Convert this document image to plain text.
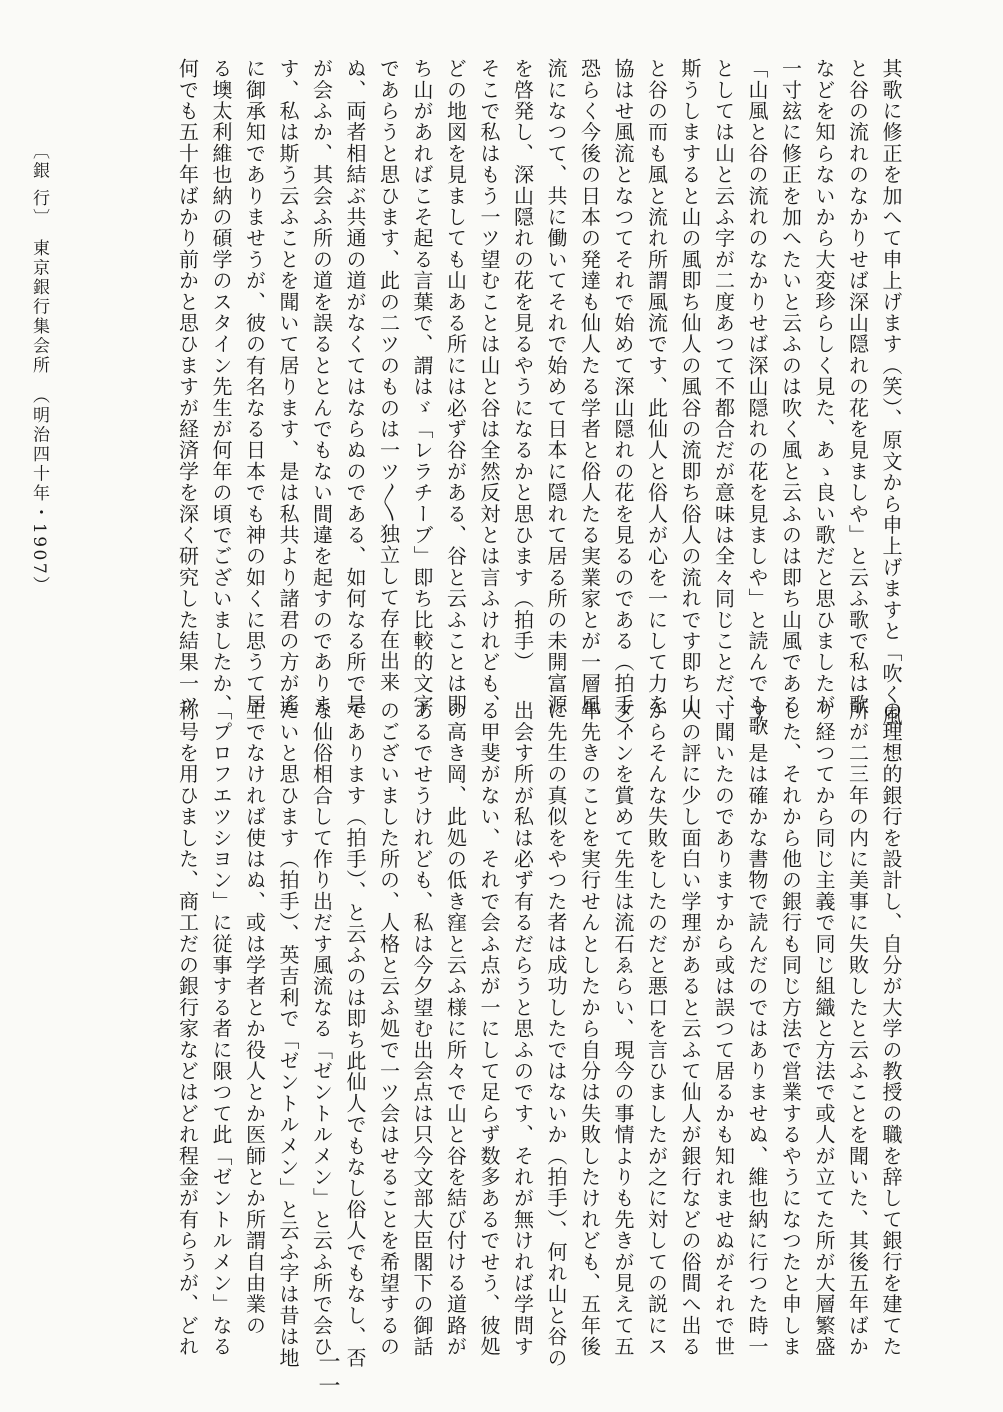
其歌に修正を加へて申上げます（笑）、原文から申上げますと「吹く風

と谷の流れのなかりせば深山隠れの花を見ましや」と云ふ歌で私は歌

などを知らないから大変珍らしく見た、あゝ良い歌だと思ひましたが

一寸玆に修正を加へたいと云ふのは吹く風と云ふのは即ち山風である

「山風と谷の流れのなかりせば深山隠れの花を見ましや」と読んでも歌

としては山と云ふ字が二度あつて不都合だが意味は全々同じことだ、

斯うしますると山の風即ち仙人の風谷の流即ち俗人の流れです即ち山

と谷の而も風と流れ所謂風流です、此仙人と俗人が心を一にして力を

協はせ風流となつてそれで始めて深山隠れの花を見るのである（拍手）、

恐らく今後の日本の発達も仙人たる学者と俗人たる実業家とが一層風

流になつて、共に働いてそれで始めて日本に隠れて居る所の未開富源

を啓発し、深山隠れの花を見るやうになるかと思ひます（拍手）

そこで私はもう一ツ望むことは山と谷は全然反対とは言ふけれども、

どの地図を見ましても山ある所には必ず谷がある、谷と云ふことは即

ち山があればこそ起る言葉で、謂はゞ「レラチーブ」即ち比較的文字

であらうと思ひます、此の二ツのものは一ツ〳〵独立して存在出来

ぬ、両者相結ぶ共通の道がなくてはならぬのである、如何なる所で是

が会ふか、其会ふ所の道を誤るととんでもない間違を起すのでありま

す、私は斯う云ふことを聞いて居ります、是は私共より諸君の方が遙

に御承知でありませうが、彼の有名なる日本でも神の如くに思うて居

る墺太利維也納の碩学のスタイン先生が何年の頃でございましたか、

何でも五十年ばかり前かと思ひますが経済学を深く研究した結果一ツ

の理想的銀行を設計し、自分が大学の教授の職を辞して銀行を建てた

所が二三年の内に美事に失敗したと云ふことを聞いた、其後五年ばか

り経つてから同じ主義で同じ組織と方法で或人が立てた所が大層繁盛

した、それから他の銀行も同じ方法で営業するやうになつたと申しま

す、是は確かな書物で読んだのではありませぬ、維也納に行つた時一

寸聞いたのでありますから或は誤つて居るかも知れませぬがそれで世

人の評に少し面白い学理があると云ふて仙人が銀行などの俗間へ出る

からそんな失敗をしたのだと悪口を言ひましたが之に対しての説にス

タインを賞めて先生は流石ゑらい、現今の事情よりも先きが見えて五

年先きのことを実行せんとしたから自分は失敗したけれども、五年後

に先生の真似をやつた者は成功したではないか（拍手）、何れ山と谷の

出会す所が私は必ず有るだらうと思ふのです、それが無ければ学問す

る甲斐がない、それで会ふ点が一にして足らず数多あるでせう、彼処

の高き岡、此処の低き窪と云ふ様に所々で山と谷を結び付ける道路が

あるでせうけれども、私は今夕望む出会点は只今文部大臣閣下の御話

のございました所の、人格と云ふ処で一ツ会はせることを希望するの

であります（拍手）、と云ふのは即ち此仙人でもなし俗人でもなし、否

な仙俗相合して作り出だす風流なる「ゼントルメン」と云ふ所で会ひ

たいと思ひます（拍手）、英吉利で「ゼントルメン」と云ふ字は昔は地

主でなければ使はぬ、或は学者とか役人とか医師とか所謂自由業の

「プロフエツシヨン」に従事する者に限つて此「ゼントルメン」なる

称号を用ひました、商工だの銀行家などはどれ程金が有らうが、どれ

〔銀 行〕　東京銀行集会所　（明治四十年・1907）
一一
